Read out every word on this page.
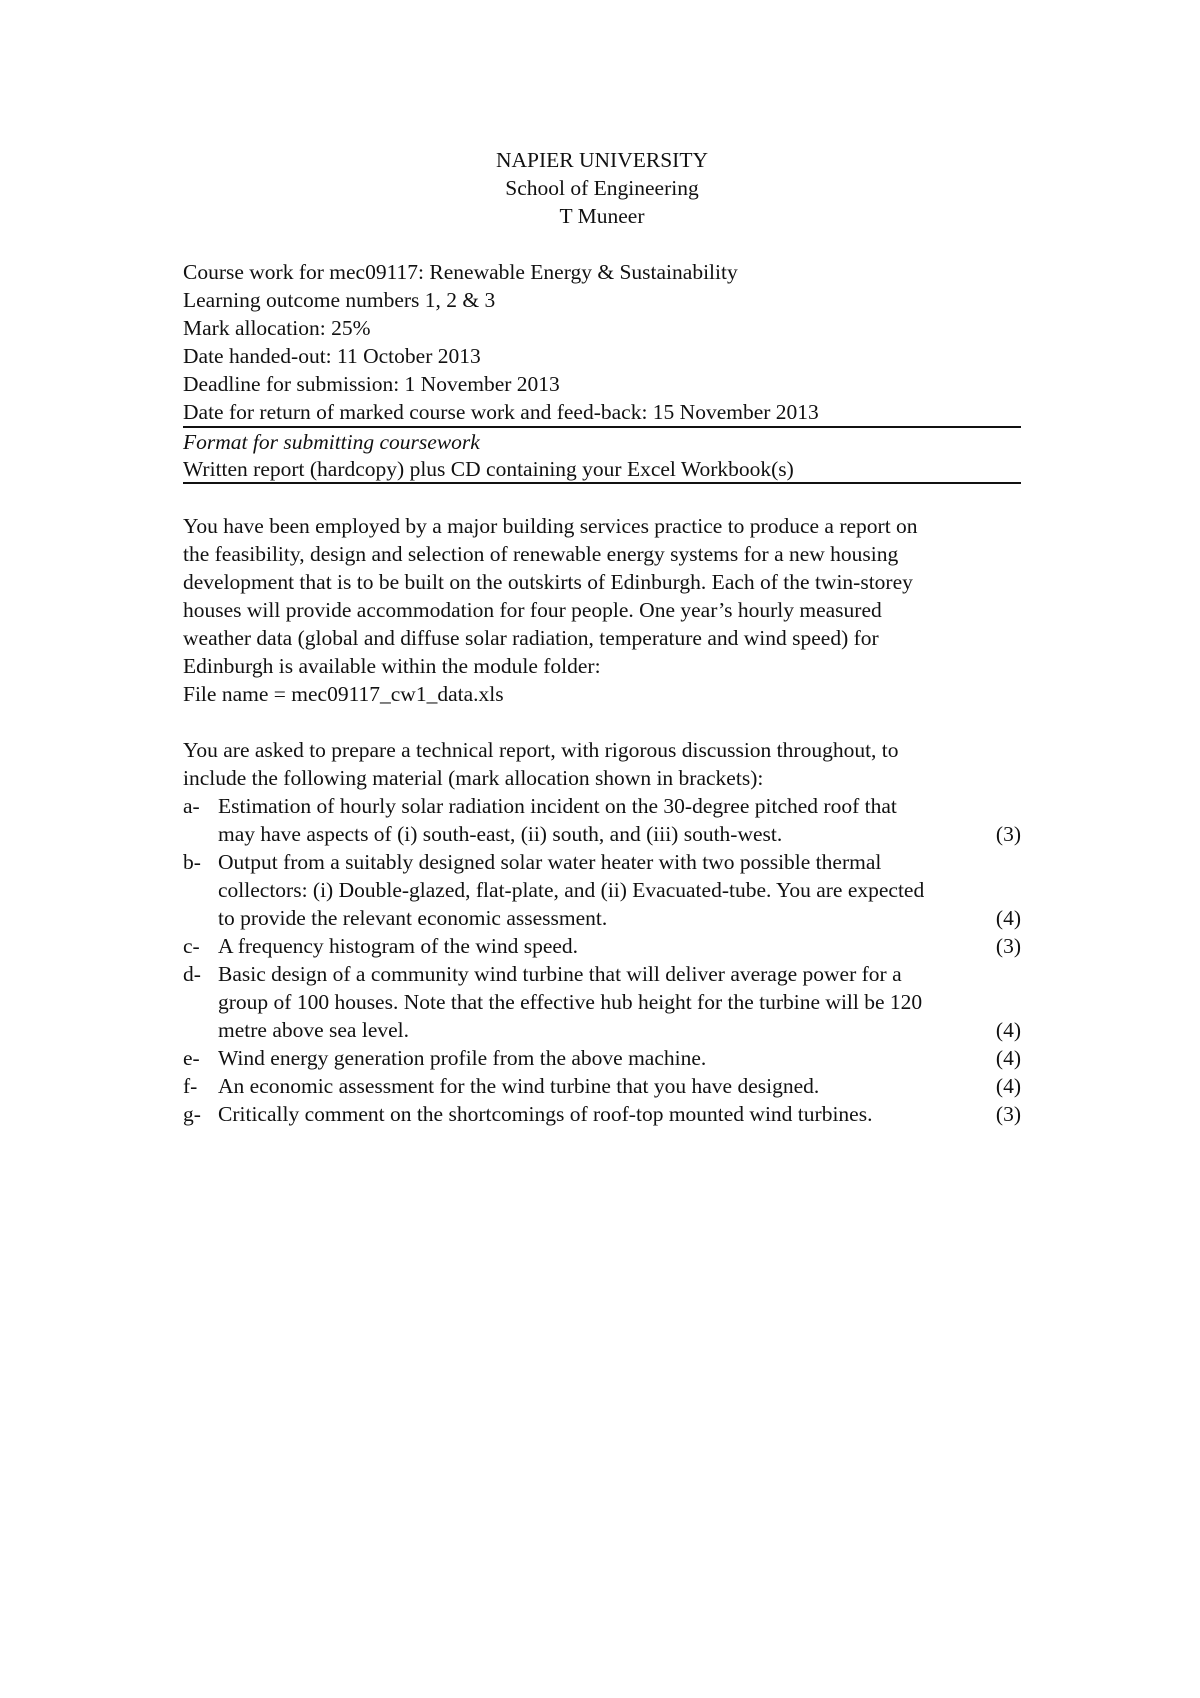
NAPIER UNIVERSITY
School of Engineering
T Muneer
Course work for mec09117: Renewable Energy & Sustainability
Learning outcome numbers 1, 2 & 3
Mark allocation: 25%
Date handed-out: 11 October 2013
Deadline for submission: 1 November 2013
Date for return of marked course work and feed-back: 15 November 2013
Format for submitting coursework
Written report (hardcopy) plus CD containing your Excel Workbook(s)
You have been employed by a major building services practice to produce a report on
the feasibility, design and selection of renewable energy systems for a new housing
development that is to be built on the outskirts of Edinburgh. Each of the twin-storey
houses will provide accommodation for four people. One year’s hourly measured
weather data (global and diffuse solar radiation, temperature and wind speed) for
Edinburgh is available within the module folder:
File name = mec09117_cw1_data.xls
You are asked to prepare a technical report, with rigorous discussion throughout, to
include the following material (mark allocation shown in brackets):
a- Estimation of hourly solar radiation incident on the 30-degree pitched roof that
may have aspects of (i) south-east, (ii) south, and (iii) south-west.	(3)
b- Output from a suitably designed solar water heater with two possible thermal
collectors: (i) Double-glazed, flat-plate, and (ii) Evacuated-tube. You are expected
to provide the relevant economic assessment.	(4)
c- A frequency histogram of the wind speed.	(3)
d- Basic design of a community wind turbine that will deliver average power for a
group of 100 houses. Note that the effective hub height for the turbine will be 120
metre above sea level.	(4)
e- Wind energy generation profile from the above machine.	(4)
f- An economic assessment for the wind turbine that you have designed.	(4)
g- Critically comment on the shortcomings of roof-top mounted wind turbines.	(3)
